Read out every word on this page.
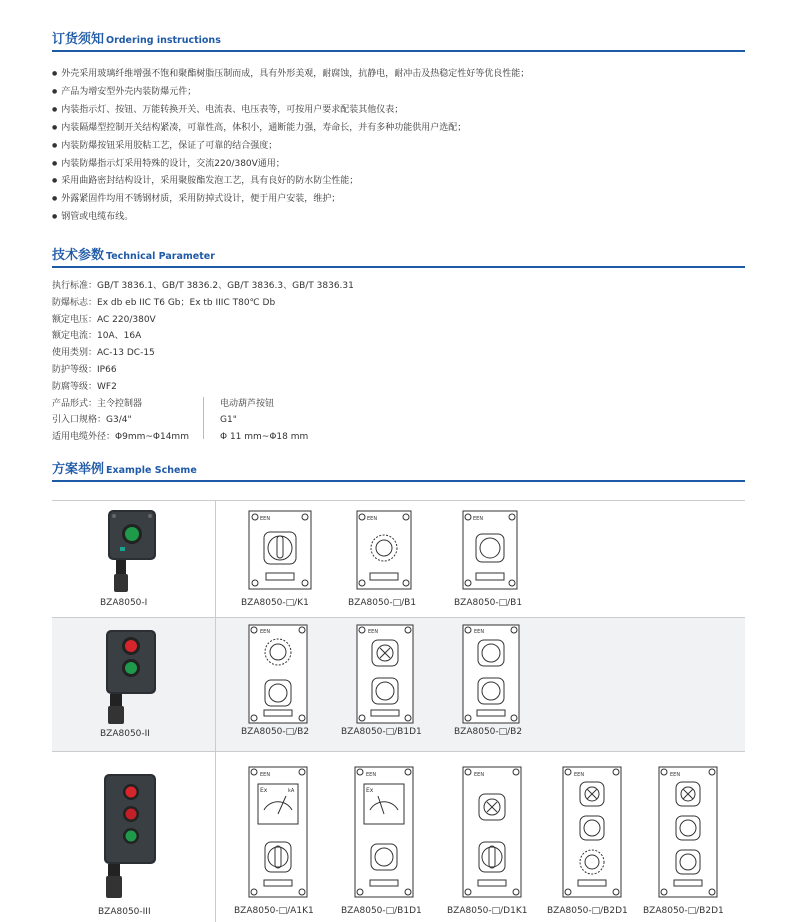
订货须知 Ordering instructions
● 外壳采用玻璃纤维增强不饱和聚酯树脂压制而成，具有外形美观，耐腐蚀，抗静电，耐冲击及热稳定性好等优良性能；
● 产品为增安型外壳内装防爆元件；
● 内装指示灯、按钮、万能转换开关、电流表、电压表等，可按用户要求配装其他仪表；
● 内装隔爆型控制开关结构紧凑，可靠性高，体积小，通断能力强，寿命长，并有多种功能供用户选配；
● 内装防爆按钮采用胶粘工艺，保证了可靠的结合强度；
● 内装防爆指示灯采用特殊的设计，交流220/380V通用；
● 采用曲路密封结构设计，采用聚胺酯发泡工艺，具有良好的防水防尘性能；
● 外露紧固件均用不锈钢材质，采用防掉式设计，便于用户安装，维护；
● 钢管或电缆布线。
技术参数 Technical Parameter
执行标准：GB/T 3836.1、GB/T 3836.2、GB/T 3836.3、GB/T 3836.31
防爆标志：Ex db eb IIC T6 Gb；Ex tb IIIC T80℃ Db
额定电压：AC 220/380V
额定电流：10A、16A
使用类别：AC-13 DC-15
防护等级：IP66
防腐等级：WF2
产品形式：主令控制器	电动葫芦按钮
引入口规格：G3/4"	G1"
适用电缆外径：Φ9mm~Φ14mm	Φ 11 mm~Φ18 mm
方案举例 Example Scheme
BZA8050-I
BZA8050-II
BZA8050-III
EEN
BZA8050-□/K1
EEN
BZA8050-□/B1
EEN
BZA8050-□/B1
EEN
BZA8050-□/B2
EEN
BZA8050-□/B1D1
EEN
BZA8050-□/B2
EEN
Ex	kA
BZA8050-□/A1K1
EEN
Ex
BZA8050-□/B1D1
EEN
BZA8050-□/D1K1
EEN
BZA8050-□/B2D1
EEN
BZA8050-□/B2D1
